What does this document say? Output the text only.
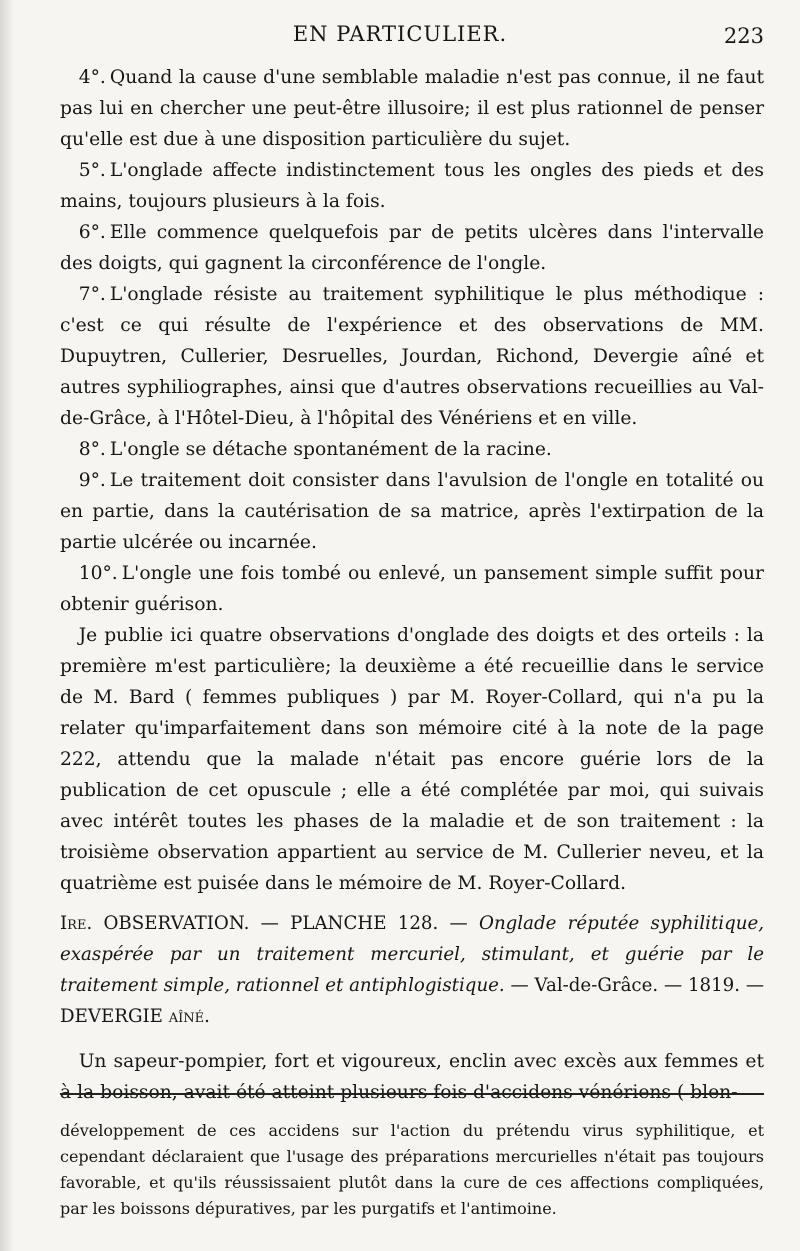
EN PARTICULIER.	223

 4°. Quand la cause d'une semblable maladie n'est pas connue, il ne faut pas lui en chercher une peut-être illusoire; il est plus rationnel de penser qu'elle est due à une disposition particulière du sujet.

 5°. L'onglade affecte indistinctement tous les ongles des pieds et des mains, toujours plusieurs à la fois.

 6°. Elle commence quelquefois par de petits ulcères dans l'intervalle des doigts, qui gagnent la circonférence de l'ongle.

 7°. L'onglade résiste au traitement syphilitique le plus méthodique : c'est ce qui résulte de l'expérience et des observations de MM. Dupuytren, Cullerier, Desruelles, Jourdan, Richond, Devergie aîné et autres syphiliographes, ainsi que d'autres observations recueillies au Val-de-Grâce, à l'Hôtel-Dieu, à l'hôpital des Vénériens et en ville.

 8°. L'ongle se détache spontanément de la racine.

 9°. Le traitement doit consister dans l'avulsion de l'ongle en totalité ou en partie, dans la cautérisation de sa matrice, après l'extirpation de la partie ulcérée ou incarnée.

 10°. L'ongle une fois tombé ou enlevé, un pansement simple suffit pour obtenir guérison.

 Je publie ici quatre observations d'onglade des doigts et des orteils : la première m'est particulière; la deuxième a été recueillie dans le service de M. Bard ( femmes publiques ) par M. Royer-Collard, qui n'a pu la relater qu'imparfaitement dans son mémoire cité à la note de la page 222, attendu que la malade n'était pas encore guérie lors de la publication de cet opuscule ; elle a été complétée par moi, qui suivais avec intérêt toutes les phases de la maladie et de son traitement : la troisième observation appartient au service de M. Cullerier neveu, et la quatrième est puisée dans le mémoire de M. Royer-Collard.

Ire. OBSERVATION. — PLANCHE 128. — Onglade réputée syphilitique, exaspérée par un traitement mercuriel, stimulant, et guérie par le traitement simple, rationnel et antiphlogistique. — Val-de-Grâce. — 1819. — DEVERGIE aîné.

 Un sapeur-pompier, fort et vigoureux, enclin avec excès aux femmes et à la boisson, avait été atteint plusieurs fois d'accidens vénériens ( blen-

développement de ces accidens sur l'action du prétendu virus syphilitique, et cependant déclaraient que l'usage des préparations mercurielles n'était pas toujours favorable, et qu'ils réussissaient plutôt dans la cure de ces affections compliquées, par les boissons dépuratives, par les purgatifs et l'antimoine.
